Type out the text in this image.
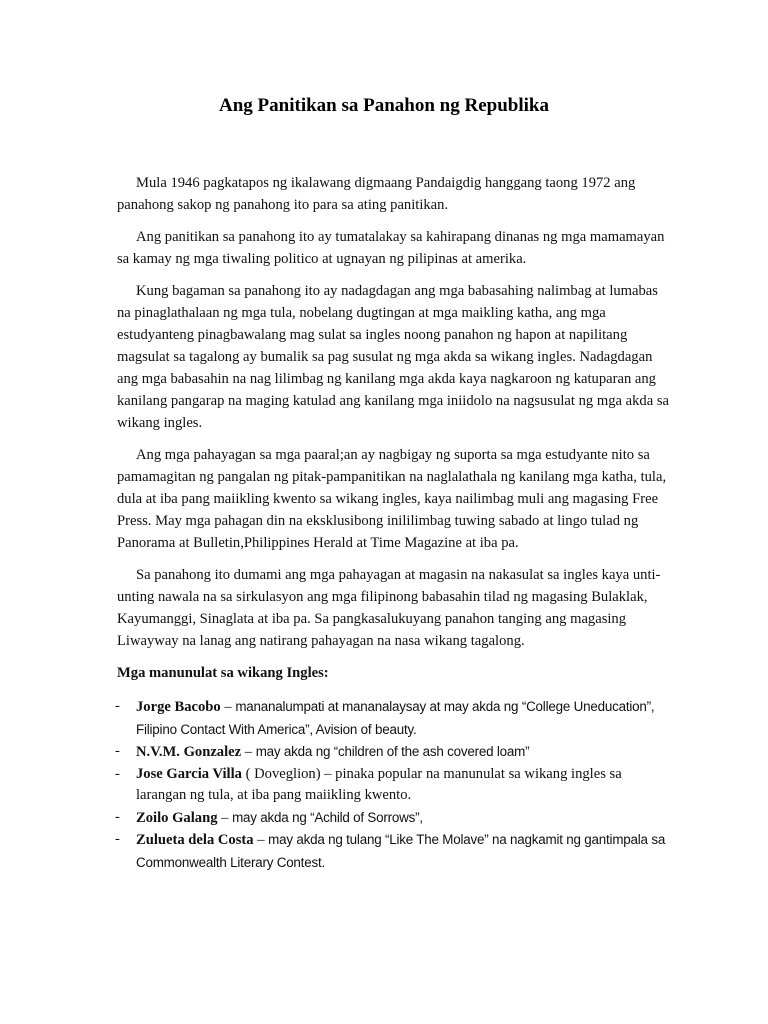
Ang Panitikan sa Panahon ng Republika

Mula 1946 pagkatapos ng ikalawang digmaang Pandaigdig hanggang taong 1972 ang panahong sakop ng panahong ito para sa ating panitikan.

Ang panitikan sa panahong ito ay tumatalakay sa kahirapang dinanas ng mga mamamayan sa kamay ng mga tiwaling politico at ugnayan ng pilipinas at amerika.

Kung bagaman sa panahong ito ay nadagdagan ang mga babasahing nalimbag at lumabas na pinaglathalaan ng mga tula, nobelang dugtingan at mga maikling katha, ang mga estudyanteng pinagbawalang mag sulat sa ingles noong panahon ng hapon at napilitang magsulat sa tagalong ay bumalik sa pag susulat ng mga akda sa wikang ingles. Nadagdagan ang mga babasahin na nag lilimbag ng kanilang mga akda kaya nagkaroon ng katuparan ang kanilang pangarap na maging katulad ang kanilang mga iniidolo na nagsusulat ng mga akda sa wikang ingles.

Ang mga pahayagan sa mga paaral;an ay nagbigay ng suporta sa mga estudyante nito sa pamamagitan ng pangalan ng pitak-pampanitikan na naglalathala ng kanilang mga katha, tula, dula at iba pang maiikling kwento sa wikang ingles, kaya nailimbag muli ang magasing Free Press. May mga pahagan din na eksklusibong inililimbag tuwing sabado at lingo tulad ng Panorama at Bulletin,Philippines Herald at Time Magazine at iba pa.

Sa panahong ito dumami ang mga pahayagan at magasin na nakasulat sa ingles kaya unti-unting nawala na sa sirkulasyon ang mga filipinong babasahin tilad ng magasing Bulaklak, Kayumanggi, Sinaglata at iba pa. Sa pangkasalukuyang panahon tanging ang magasing Liwayway na lanag ang natirang pahayagan na nasa wikang tagalong.

Mga manunulat sa wikang Ingles:

- Jorge Bacobo – mananalumpati at mananalaysay at may akda ng “College Uneducation”, Filipino Contact With America”, Avision of beauty.
- N.V.M. Gonzalez – may akda ng “children of the ash covered loam”
- Jose Garcia Villa ( Doveglion) – pinaka popular na manunulat sa wikang ingles sa larangan ng tula, at iba pang maiikling kwento.
- Zoilo Galang – may akda ng “Achild of Sorrows”,
- Zulueta dela Costa – may akda ng tulang “Like The Molave” na nagkamit ng gantimpala sa Commonwealth Literary Contest.
